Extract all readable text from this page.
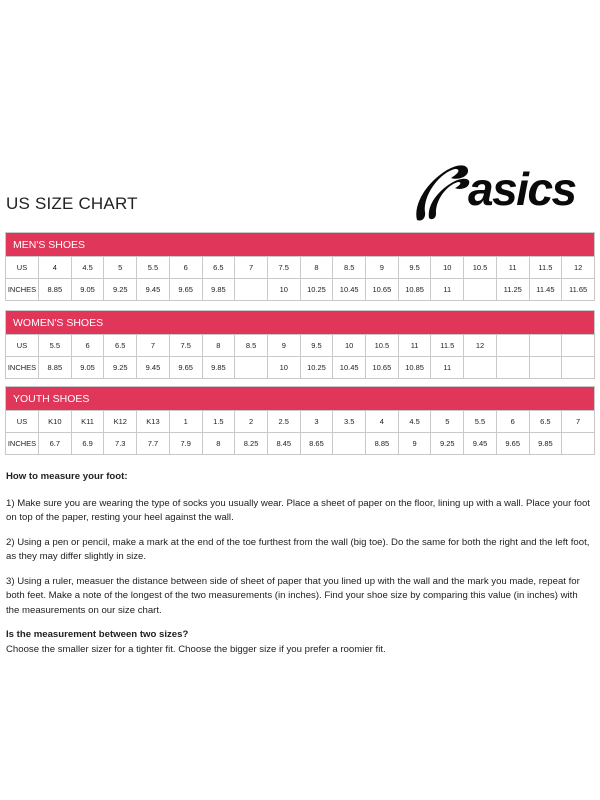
US SIZE CHART	asics
MEN'S SHOES
US	4	4.5	5	5.5	6	6.5	7	7.5	8	8.5	9	9.5	10	10.5	11	11.5	12
INCHES	8.85	9.05	9.25	9.45	9.65	9.85		10	10.25	10.45	10.65	10.85	11		11.25	11.45	11.65
WOMEN'S SHOES
US	5.5	6	6.5	7	7.5	8	8.5	9	9.5	10	10.5	11	11.5	12			
INCHES	8.85	9.05	9.25	9.45	9.65	9.85		10	10.25	10.45	10.65	10.85	11				
YOUTH SHOES
US	K10	K11	K12	K13	1	1.5	2	2.5	3	3.5	4	4.5	5	5.5	6	6.5	7
INCHES	6.7	6.9	7.3	7.7	7.9	8	8.25	8.45	8.65		8.85	9	9.25	9.45	9.65	9.85	
How to measure your foot:

1) Make sure you are wearing the type of socks you usually wear. Place a sheet of paper on the floor, lining up with a wall. Place your foot on top of the paper, resting your heel against the wall.

2) Using a pen or pencil, make a mark at the end of the toe furthest from the wall (big toe). Do the same for both the right and the left foot, as they may differ slightly in size.

3) Using a ruler, measuer the distance between side of sheet of paper that you lined up with the wall and the mark you made, repeat for both feet. Make a note of the longest of the two measurements (in inches). Find your shoe size by comparing this value (in inches) with the measurements on our size chart.

Is the measurement between two sizes?
Choose the smaller sizer for a tighter fit. Choose the bigger size if you prefer a roomier fit.
